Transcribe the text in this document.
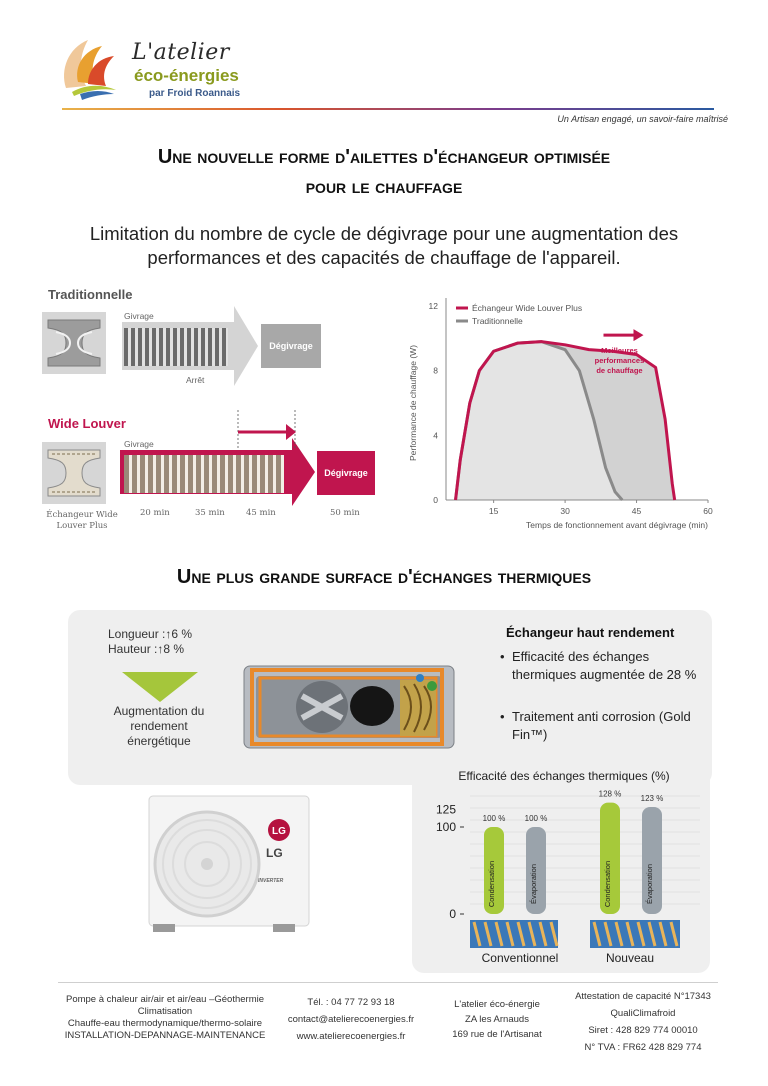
L'atelier
éco-énergies
par Froid Roannais
Un Artisan engagé, un savoir-faire maîtrisé
Une nouvelle forme d'ailettes d'échangeur optimisée
pour le chauffage
Limitation du nombre de cycle de dégivrage pour une augmentation des performances et des capacités de chauffage de l'appareil.
Traditionnelle
Givrage
Arrêt
Dégivrage
Wide Louver
Échangeur Wide Louver Plus
Givrage
Dégivrage
20 min	35 min 45 min	50 min
0
4
8
12
15	30	45	60
Performance de chauffage (W)
Temps de fonctionnement avant dégivrage (min)
Échangeur Wide Louver Plus
Traditionnelle
Meilleures
performances
de chauffage
Une plus grande surface d'échanges thermiques
Longueur :↑6 %
Hauteur :↑8 %
Augmentation du rendement énergétique
Échangeur haut rendement
• Efficacité des échanges thermiques augmentée de 28 %
• Traitement anti corrosion (Gold Fin™)
LG
LG
INVERTER
Efficacité des échanges thermiques (%)
0
100
125
100 %
Condensation
100 %
Évaporation
128 %
Condensation
123 %
Évaporation
Conventionnel	Nouveau
Pompe à chaleur air/air et air/eau –Géothermie
Climatisation
Chauffe-eau thermodynamique/thermo-solaire
INSTALLATION-DEPANNAGE-MAINTENANCE
Tél. : 04 77 72 93 18
contact@atelierecoenergies.fr
www.atelierecoenergies.fr
L'atelier éco-énergie
ZA les Arnauds
169 rue de l'Artisanat
Attestation de capacité N°17343
QualiClimafroid
Siret : 428 829 774 00010
N° TVA : FR62 428 829 774
